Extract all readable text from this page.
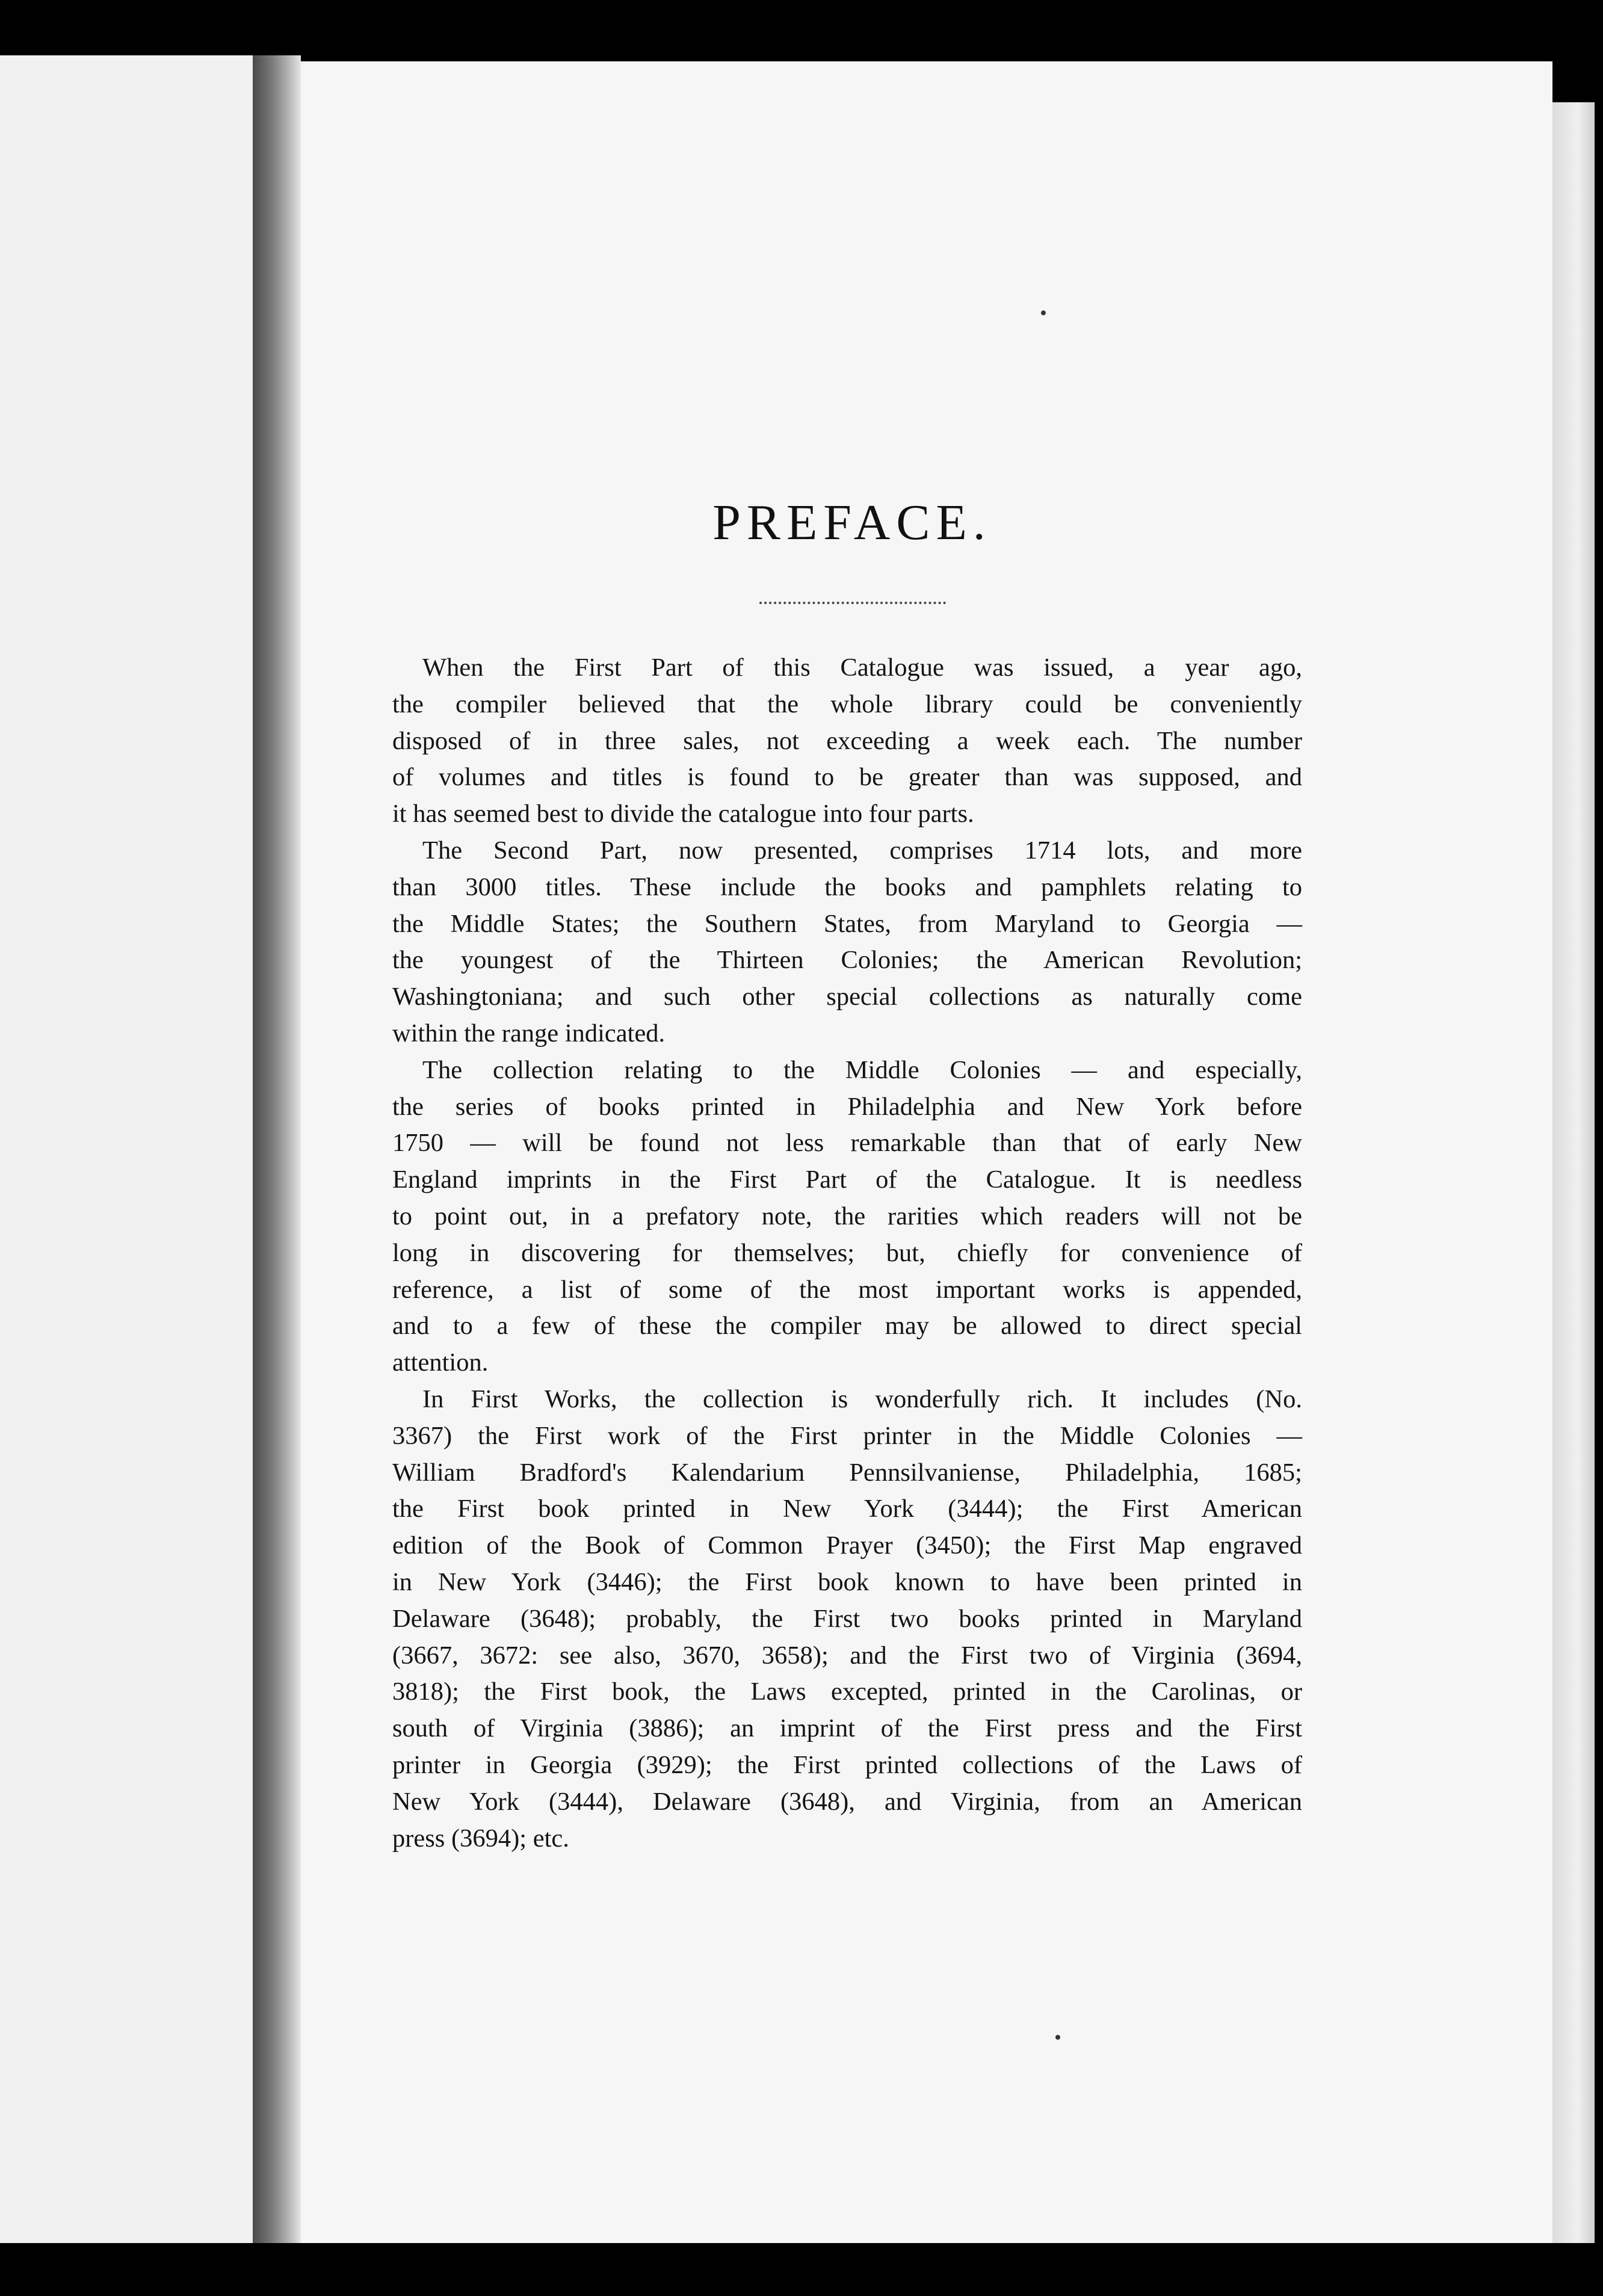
PREFACE.
When the First Part of this Catalogue was issued, a year ago,
the compiler believed that the whole library could be conveniently
disposed of in three sales, not exceeding a week each. The number
of volumes and titles is found to be greater than was supposed, and
it has seemed best to divide the catalogue into four parts.
The Second Part, now presented, comprises 1714 lots, and more
than 3000 titles. These include the books and pamphlets relating to
the Middle States; the Southern States, from Maryland to Georgia —
the youngest of the Thirteen Colonies; the American Revolution;
Washingtoniana; and such other special collections as naturally come
within the range indicated.
The collection relating to the Middle Colonies — and especially,
the series of books printed in Philadelphia and New York before
1750 — will be found not less remarkable than that of early New
England imprints in the First Part of the Catalogue. It is needless
to point out, in a prefatory note, the rarities which readers will not be
long in discovering for themselves; but, chiefly for convenience of
reference, a list of some of the most important works is appended,
and to a few of these the compiler may be allowed to direct special
attention.
In First Works, the collection is wonderfully rich. It includes (No.
3367) the First work of the First printer in the Middle Colonies —
William Bradford's Kalendarium Pennsilvaniense, Philadelphia, 1685;
the First book printed in New York (3444); the First American
edition of the Book of Common Prayer (3450); the First Map engraved
in New York (3446); the First book known to have been printed in
Delaware (3648); probably, the First two books printed in Maryland
(3667, 3672: see also, 3670, 3658); and the First two of Virginia (3694,
3818); the First book, the Laws excepted, printed in the Carolinas, or
south of Virginia (3886); an imprint of the First press and the First
printer in Georgia (3929); the First printed collections of the Laws of
New York (3444), Delaware (3648), and Virginia, from an American
press (3694); etc.
